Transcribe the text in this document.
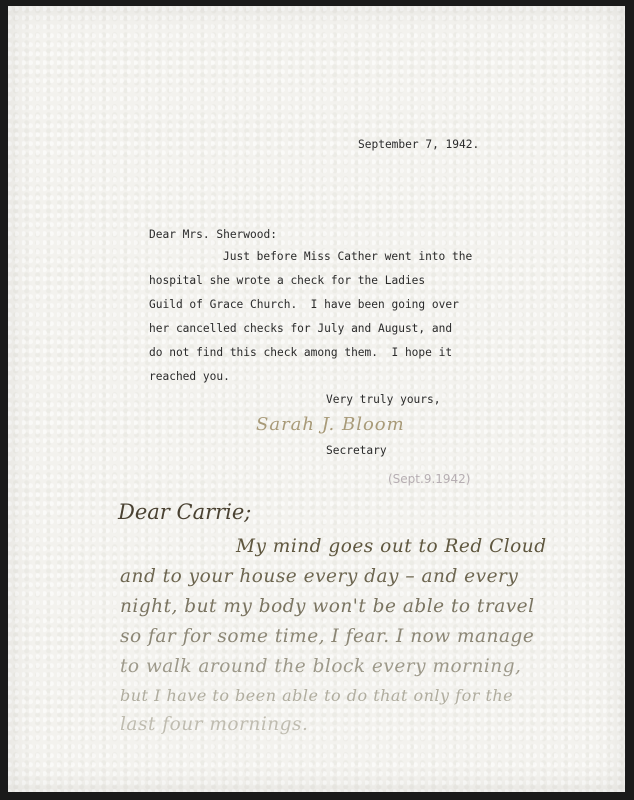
September 7, 1942.
Dear Mrs. Sherwood:
Just before Miss Cather went into the
hospital she wrote a check for the Ladies
Guild of Grace Church.  I have been going over
her cancelled checks for July and August, and
do not find this check among them.  I hope it
reached you.
Very truly yours,
Sarah J. Bloom
Secretary
(Sept.9.1942)
Dear Carrie;
My mind goes out to Red Cloud
and to your house every day – and every
night, but my body won't be able to travel
so far for some time, I fear. I now manage
to walk around the block every morning,
but I have to been able to do that only for the
last four mornings.
